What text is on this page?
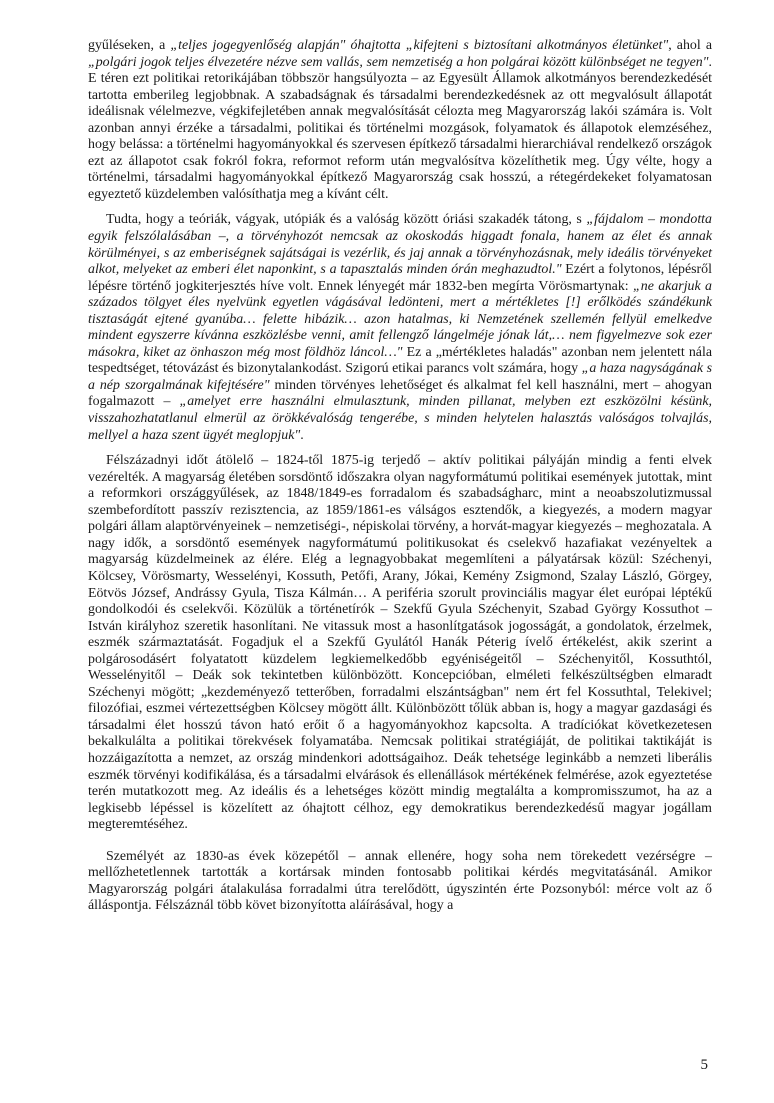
gyűléseken, a „teljes jogegyenlőség alapján" óhajtotta „kifejteni s biztosítani alkotmányos életünket", ahol a „polgári jogok teljes élvezetére nézve sem vallás, sem nemzetiség a hon polgárai között különbséget ne tegyen". E téren ezt politikai retorikájában többször hangsúlyozta – az Egyesült Államok alkotmányos berendezkedését tartotta emberileg legjobbnak. A szabadságnak és társadalmi berendezkedésnek az ott megvalósult állapotát ideálisnak vélelmezve, végkifejletében annak megvalósítását célozta meg Magyarország lakói számára is. Volt azonban annyi érzéke a társadalmi, politikai és történelmi mozgások, folyamatok és állapotok elemzéséhez, hogy belássa: a történelmi hagyományokkal és szervesen építkező társadalmi hierarchiával rendelkező országok ezt az állapotot csak fokról fokra, reformot reform után megvalósítva közelíthetik meg. Úgy vélte, hogy a történelmi, társadalmi hagyományokkal építkező Magyarország csak hosszú, a rétegérdekeket folyamatosan egyeztető küzdelemben valósíthatja meg a kívánt célt.

Tudta, hogy a teóriák, vágyak, utópiák és a valóság között óriási szakadék tátong, s „fájdalom – mondotta egyik felszólalásában –, a törvényhozót nemcsak az okoskodás higgadt fonala, hanem az élet és annak körülményei, s az emberiségnek sajátságai is vezérlik, és jaj annak a törvényhozásnak, mely ideális törvényeket alkot, melyeket az emberi élet naponkint, s a tapasztalás minden órán meghazudtol." Ezért a folytonos, lépésről lépésre történő jogkiterjesztés híve volt. Ennek lényegét már 1832-ben megírta Vörösmartynak: „ne akarjuk a százados tölgyet éles nyelvünk egyetlen vágásával ledönteni, mert a mértékletes [!] erőlködés szándékunk tisztaságát ejtené gyanúba… felette hibázik… azon hatalmas, ki Nemzetének szellemén fellyül emelkedve mindent egyszerre kívánna eszközlésbe venni, amit fellengző lángelméje jónak lát,… nem figyelmezve sok ezer másokra, kiket az önhaszon még most földhöz láncol…" Ez a „mértékletes haladás" azonban nem jelentett nála tespedtséget, tétovázást és bizonytalankodást. Szigorú etikai parancs volt számára, hogy „a haza nagyságának s a nép szorgalmának kifejtésére" minden törvényes lehetőséget és alkalmat fel kell használni, mert – ahogyan fogalmazott – „amelyet erre használni elmulasztunk, minden pillanat, melyben ezt eszközölni késünk, visszahozhatatlanul elmerül az örökkévalóság tengerébe, s minden helytelen halasztás valóságos tolvajlás, mellyel a haza szent ügyét meglopjuk".

Félszázadnyi időt átölelő – 1824-től 1875-ig terjedő – aktív politikai pályáján mindig a fenti elvek vezérelték. A magyarság életében sorsdöntő időszakra olyan nagyformátumú politikai események jutottak, mint a reformkori országgyűlések, az 1848/1849-es forradalom és szabadságharc, mint a neoabszolutizmussal szembefordított passzív rezisztencia, az 1859/1861-es válságos esztendők, a kiegyezés, a modern magyar polgári állam alaptörvényeinek – nemzetiségi-, népiskolai törvény, a horvát-magyar kiegyezés – meghozatala. A nagy idők, a sorsdöntő események nagyformátumú politikusokat és cselekvő hazafiakat vezényeltek a magyarság küzdelmeinek az élére. Elég a legnagyobbakat megemlíteni a pályatársak közül: Széchenyi, Kölcsey, Vörösmarty, Wesselényi, Kossuth, Petőfi, Arany, Jókai, Kemény Zsigmond, Szalay László, Görgey, Eötvös József, Andrássy Gyula, Tisza Kálmán… A periféria szorult provinciális magyar élet európai léptékű gondolkodói és cselekvői. Közülük a történetírók – Szekfű Gyula Széchenyit, Szabad György Kossuthot – István királyhoz szeretik hasonlítani. Ne vitassuk most a hasonlítgatások jogosságát, a gondolatok, érzelmek, eszmék származtatását. Fogadjuk el a Szekfű Gyulától Hanák Péterig ívelő értékelést, akik szerint a polgárosodásért folyatatott küzdelem legkiemelkedőbb egyéniségeitől – Széchenyitől, Kossuthtól, Wesselényitől – Deák sok tekintetben különbözött. Koncepcióban, elméleti felkészültségben elmaradt Széchenyi mögött; „kezdeményező tetterőben, forradalmi elszántságban" nem ért fel Kossuthtal, Telekivel; filozófiai, eszmei vértezettségben Kölcsey mögött állt. Különbözött tőlük abban is, hogy a magyar gazdasági és társadalmi élet hosszú távon ható erőit ő a hagyományokhoz kapcsolta. A tradíciókat következetesen bekalkulálta a politikai törekvések folyamatába. Nemcsak politikai stratégiáját, de politikai taktikáját is hozzáigazította a nemzet, az ország mindenkori adottságaihoz. Deák tehetsége leginkább a nemzeti liberális eszmék törvényi kodifikálása, és a társadalmi elvárások és ellenállások mértékének felmérése, azok egyeztetése terén mutatkozott meg. Az ideális és a lehetséges között mindig megtalálta a kompromisszumot, ha az a legkisebb lépéssel is közelített az óhajtott célhoz, egy demokratikus berendezkedésű magyar jogállam megteremtéséhez.

Személyét az 1830-as évek közepétől – annak ellenére, hogy soha nem törekedett vezérségre – mellőzhetetlennek tartották a kortársak minden fontosabb politikai kérdés megvitatásánál. Amikor Magyarország polgári átalakulása forradalmi útra terelődött, úgyszintén érte Pozsonyból: mérce volt az ő álláspontja. Félszáznál több követ bizonyította aláírásával, hogy a

5
